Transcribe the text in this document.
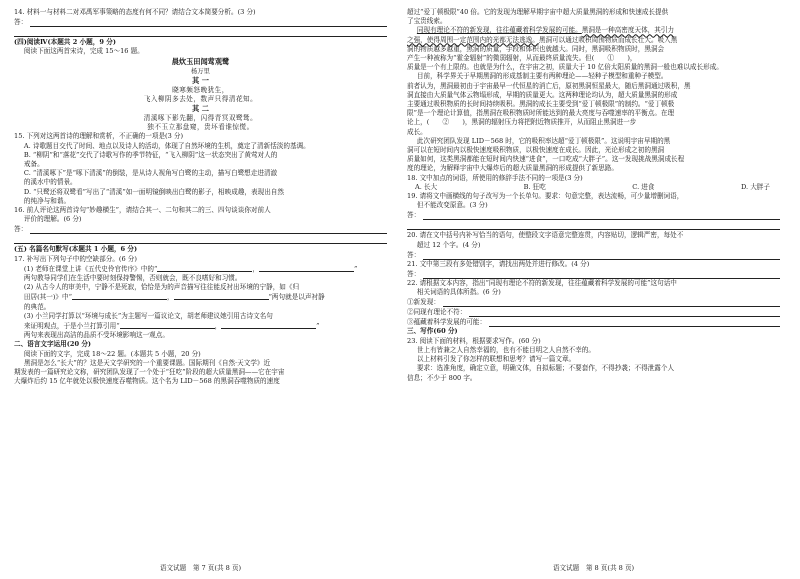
14. 材料一与材料二对邓禹军事策略的态度有何不同？请结合文本简要分析。(3 分)

答：

(四)阅读Ⅳ(本题共 2 小题，9 分)

阅读下面这两首宋诗，完成 15～16 题。

晨炊玉田闻莺观鹭

杨万里

其 一

晓寒频怒晚犹生，

飞入柳阴多去处，数声只得清花知。

其 二

清溪啄下影先翻，闪得青冥双鹭鸶。

独不玉立那盘窥，贵坏看谁惊慌。

15. 下列对这两首诗的理解和赏析，不正确的一项是(3 分)

A. 诗歌题目交代了时间、地点以及诗人的活动，体现了自然环境的生机，奠定了清新恬淡的基调。

B. “柳阴”和“落花”交代了诗歌写作的季节特征，“飞入柳阴”这一状态突出了黄莺对人的

戒备。

C. “清溪啄下”是“啄下清溪”的倒装，是从诗人视角写白鹭的主动，描写白鹭想走进清澈

的溪水中的情景。

D. “只鹭还将双鹭看”写出了“清溪”如一面明镜倒映出白鹭的影子，相映成趣，表现出自然

的纯净与和谐。

16. 前人评论这两首诗句“妙趣横生”，请结合其一、二句和其二的三、四句谈谈你对前人

评价的理解。(6 分)

答：

(五) 名篇名句默写(本题共 1 小题，6 分)

17. 补写出下列句子中的空缺部分。(6 分)

(1) 老师在课堂上讲《五代史伶官传序》中的“	，	”

两句教导同学们在生活中要时刻保持警惕，否则就会，既不良嗜好和习惯。

(2) 从古今人的审美中，宁静不是死寂，恰恰是为的声音描写往往能反衬出环境的宁静，如《归

田居(其一)》中“	，	”两句就是以声衬静

的典范。

(3) 小兰同学打算以“环境与成长”为主题写一篇议论文，胡老师建议她引用古诗文名句

来证明观点，于是小兰打算引用“	，	”

两句来表现出高洁的品质不受环境影响这一观点。

二、语言文字运用(20 分)

阅读下面的文字，完成 18～22 题。(本题共 5 小题，20 分)

黑洞是怎么“长大”的？这是天文学研究的一个重要课题。国际期刊《自然·天文学》近

期发表的一篇研究论文称，研究团队发现了一个处于“狂吃”阶段的超大质量黑洞——它在宇宙

大爆炸后约 15 亿年就处以极快速度吞噬物质。这个名为 LID－568 的黑洞吞噬物质的速度

语文试题　第 7 页(共 8 页)

超过“爱丁顿极限”40 倍。它的发现为理解早期宇宙中超大质量黑洞的形成和快速成长提供

了宝贵线索。

同现有理论不符的新发现，往往蕴藏着科学发展的可能。黑洞是一种高密度天体，其引力

之强，使得周围一定范围内的光都无法逃逸。黑洞可以通过吸积周围物质而成长壮大。吸入黑

洞的物质越多越重，黑洞的质量，手段和体积也就越大。同时，黑洞吸积物质时，黑洞会

产生一种被称为“霍金辐射”的微弱辐射，从而最终质量流失。但(　　①　　)，

质量是一个有上限的。也就是为什么，在宇宙之初，质量大于 10 亿倍太阳质量的黑洞一般也难以成长形成。

目前，科学界关于早期黑洞的形成基制主要有两种理论——轻种子模型和重种子模型。

前者认为，黑洞最初由于宇宙最早一代恒星的消亡后，原初黑洞恒星最大，随后黑洞通过吸积，黑

洞直接由大质量气体云物塌形成，早期的质量更大。这两种理论均认为，超大质量黑洞的形成

主要通过吸积物质的长时间持续吸积。黑洞的成长主要受到“爱丁顿极限”的制约。“爱丁顿极

限”是一个理论计算值，指黑洞在吸积物质时所能达到的最大亮度与吞噬速率的平衡点。在理

论上，(　　②　　)，黑洞的辐射压力将把附近物质推开，从而阻止黑洞进一步

成长。

此次研究团队发现 LID－568 时，它的吸积率达超“爱丁顿极限”。这说明宇宙早期的黑

洞可以在短时间内以极快速度吸积物质，以极快速度在成长。因此，光论形成之初的黑洞

质量如何，这类黑洞都能在短时间内快速“进食”，一口吃成“大胖子”。这一发现挑战黑洞成长程

度的理论，为解释宇宙中大爆炸后的超大质量黑洞的形成提供了新思路。

18. 文中加点的词语，所使用的修辞手法不同的一项是(3 分)

A. 长大	B. 狂吃	C. 进食	D. 大胖子

19. 请将文中画横线的句子改写为一个长单句。要求：句意完整，表达流畅，可少量增删词语，

但不能改变原意。(3 分)

答：

20. 请在文中括号内补写恰当的语句，使整段文字语意完整连贯，内容贴切，逻辑严密，每处不

超过 12 个字。(4 分)

答：

21. 文中第三段有多处错别字，请找出两处并进行修改。(4 分)

答：

22. 请根据文本内容，指出“同现有理论不符的新发现，往往蕴藏着科学发展的可能”这句话中

相关词语的具体所指。(6 分)

①新发现：
②同现有理论不符：
③蕴藏着科学发展的可能：

三、写作(60 分)

23. 阅读下面的材料，根据要求写作。(60 分)

世上有皆兼之人自然幸福的，也有不能目明之人自然不幸的。

以上材料引发了你怎样的联想和思考？请写一篇文章。

要求：选准角度，确定立意，明确文体，自拟标题；不要套作，不得抄袭；不得泄露个人

信息；不少于 800 字。

语文试题　第 8 页(共 8 页)
